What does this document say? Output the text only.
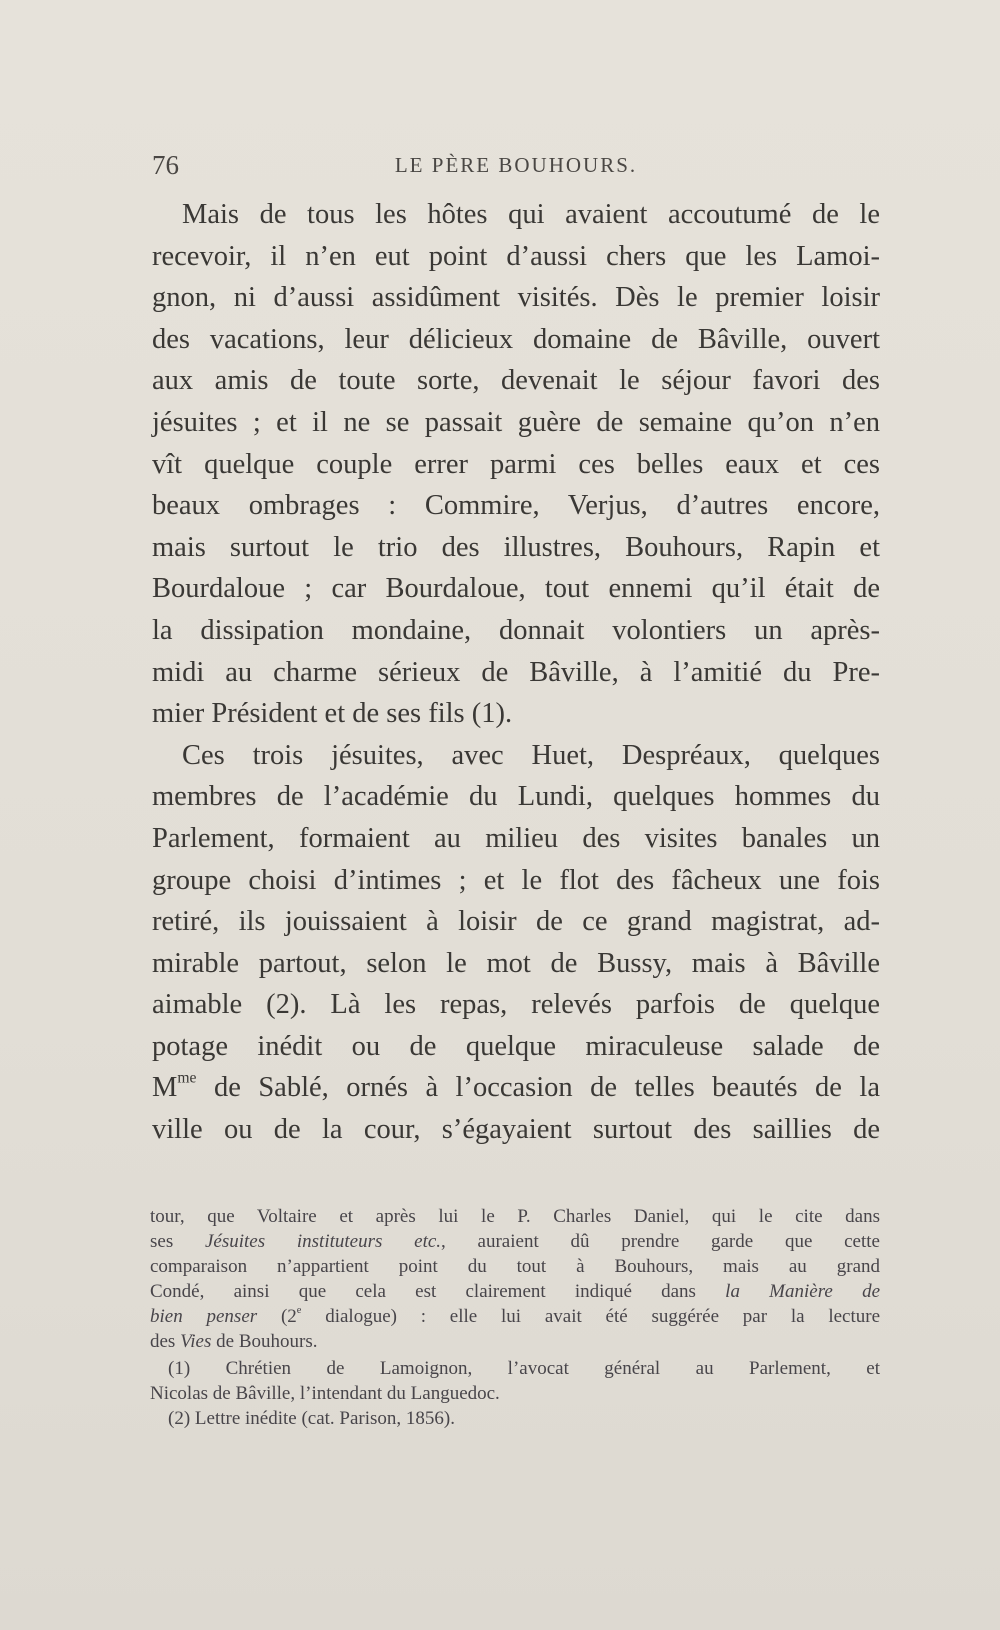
76	LE PÈRE BOUHOURS.
Mais de tous les hôtes qui avaient accoutumé de le
recevoir, il n’en eut point d’aussi chers que les Lamoi-
gnon, ni d’aussi assidûment visités. Dès le premier loisir
des vacations, leur délicieux domaine de Bâville, ouvert
aux amis de toute sorte, devenait le séjour favori des
jésuites ; et il ne se passait guère de semaine qu’on n’en
vît quelque couple errer parmi ces belles eaux et ces
beaux ombrages : Commire, Verjus, d’autres encore,
mais surtout le trio des illustres, Bouhours, Rapin et
Bourdaloue ; car Bourdaloue, tout ennemi qu’il était de
la dissipation mondaine, donnait volontiers un après-
midi au charme sérieux de Bâville, à l’amitié du Pre-
mier Président et de ses fils (1).
Ces trois jésuites, avec Huet, Despréaux, quelques
membres de l’académie du Lundi, quelques hommes du
Parlement, formaient au milieu des visites banales un
groupe choisi d’intimes ; et le flot des fâcheux une fois
retiré, ils jouissaient à loisir de ce grand magistrat, ad-
mirable partout, selon le mot de Bussy, mais à Bâville
aimable (2). Là les repas, relevés parfois de quelque
potage inédit ou de quelque miraculeuse salade de
$M^{me}$ de Sablé, ornés à l’occasion de telles beautés de la
ville ou de la cour, s’égayaient surtout des saillies de
tour, que Voltaire et après lui le P. Charles Daniel, qui le cite dans
ses Jésuites instituteurs etc., auraient dû prendre garde que cette
comparaison n’appartient point du tout à Bouhours, mais au grand
Condé, ainsi que cela est clairement indiqué dans la Manière de
bien penser (2e dialogue) : elle lui avait été suggérée par la lecture
des Vies de Bouhours.
(1) Chrétien de Lamoignon, l’avocat général au Parlement, et
Nicolas de Bâville, l’intendant du Languedoc.
(2) Lettre inédite (cat. Parison, 1856).
